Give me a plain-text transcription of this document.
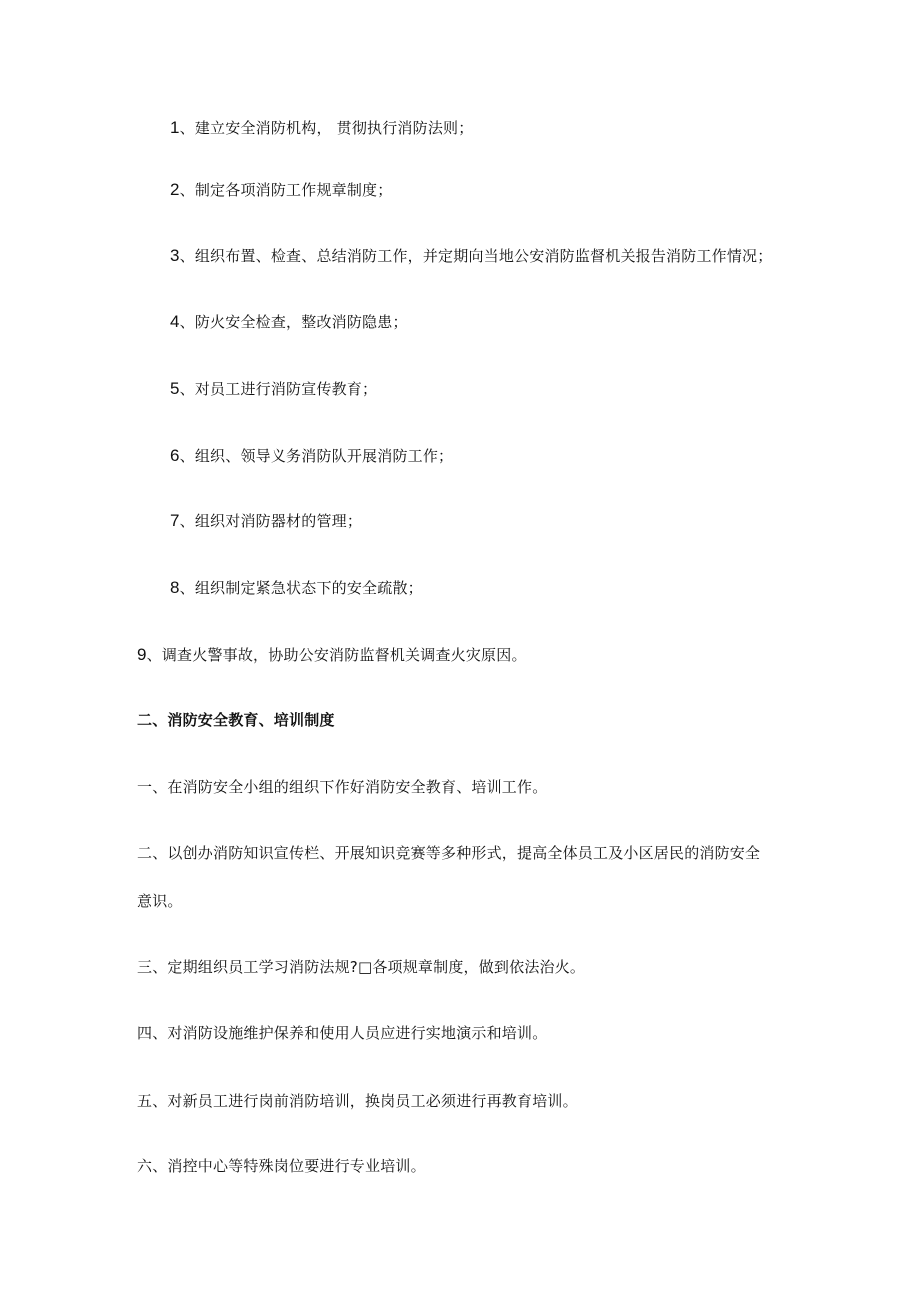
1、建立安全消防机构， 贯彻执行消防法则；
2、制定各项消防工作规章制度；
3、组织布置、检查、总结消防工作，并定期向当地公安消防监督机关报告消防工作情况；
4、防火安全检查，整改消防隐患；
5、对员工进行消防宣传教育；
6、组织、领导义务消防队开展消防工作；
7、组织对消防器材的管理；
8、组织制定紧急状态下的安全疏散；
9、调查火警事故，协助公安消防监督机关调查火灾原因。
二、消防安全教育、培训制度
一、在消防安全小组的组织下作好消防安全教育、培训工作。
二、以创办消防知识宣传栏、开展知识竞赛等多种形式，提高全体员工及小区居民的消防安全
意识。
三、定期组织员工学习消防法规?□各项规章制度，做到依法治火。
四、对消防设施维护保养和使用人员应进行实地演示和培训。
五、对新员工进行岗前消防培训，换岗员工必须进行再教育培训。
六、消控中心等特殊岗位要进行专业培训。
